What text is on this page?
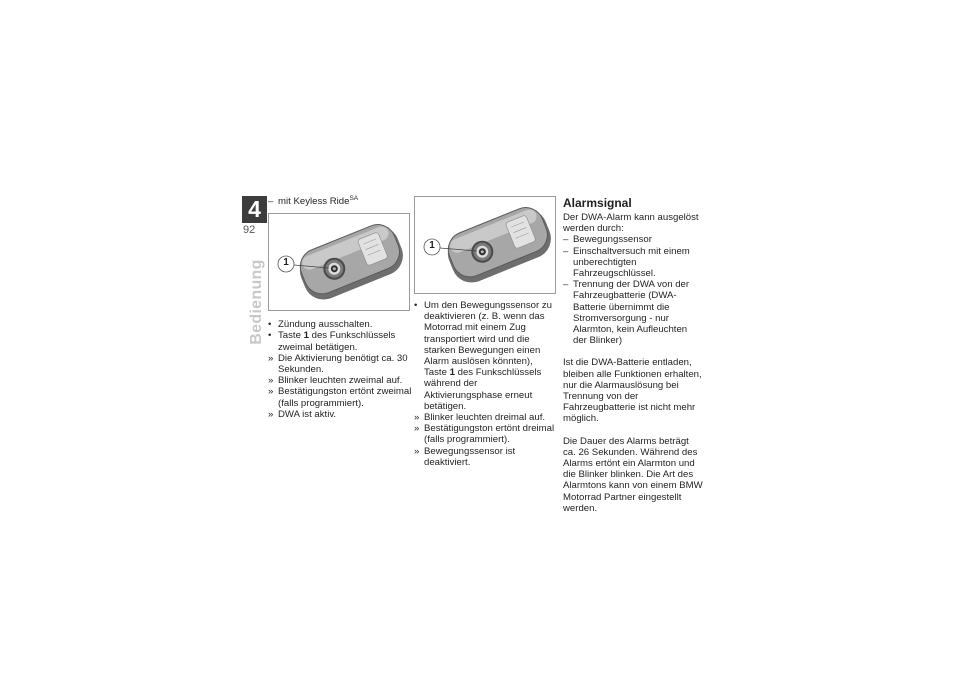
4
92
Bedienung
– mit Keyless Ride$^{SA}$
1
• Zündung ausschalten.
• Taste 1 des Funkschlüssels zweimal betätigen.
» Die Aktivierung benötigt ca. 30 Sekunden.
» Blinker leuchten zweimal auf.
» Bestätigungston ertönt zweimal (falls programmiert).
» DWA ist aktiv.
1
• Um den Bewegungssensor zu deaktivieren (z. B. wenn das Motorrad mit einem Zug transportiert wird und die starken Bewegungen einen Alarm auslösen könnten), Taste 1 des Funkschlüssels während der Aktivierungsphase erneut betätigen.
» Blinker leuchten dreimal auf.
» Bestätigungston ertönt dreimal (falls programmiert).
» Bewegungssensor ist deaktiviert.
Alarmsignal

Der DWA-Alarm kann ausgelöst werden durch:

– Bewegungssensor
– Einschaltversuch mit einem unberechtigten Fahrzeugschlüssel.
– Trennung der DWA von der Fahrzeugbatterie (DWA-Batterie übernimmt die Stromversorgung - nur Alarmton, kein Aufleuchten der Blinker)

Ist die DWA-Batterie entladen, bleiben alle Funktionen erhalten, nur die Alarmauslösung bei Trennung von der Fahrzeugbatterie ist nicht mehr möglich.

Die Dauer des Alarms beträgt ca. 26 Sekunden. Während des Alarms ertönt ein Alarmton und die Blinker blinken. Die Art des Alarmtons kann von einem BMW Motorrad Partner eingestellt werden.
